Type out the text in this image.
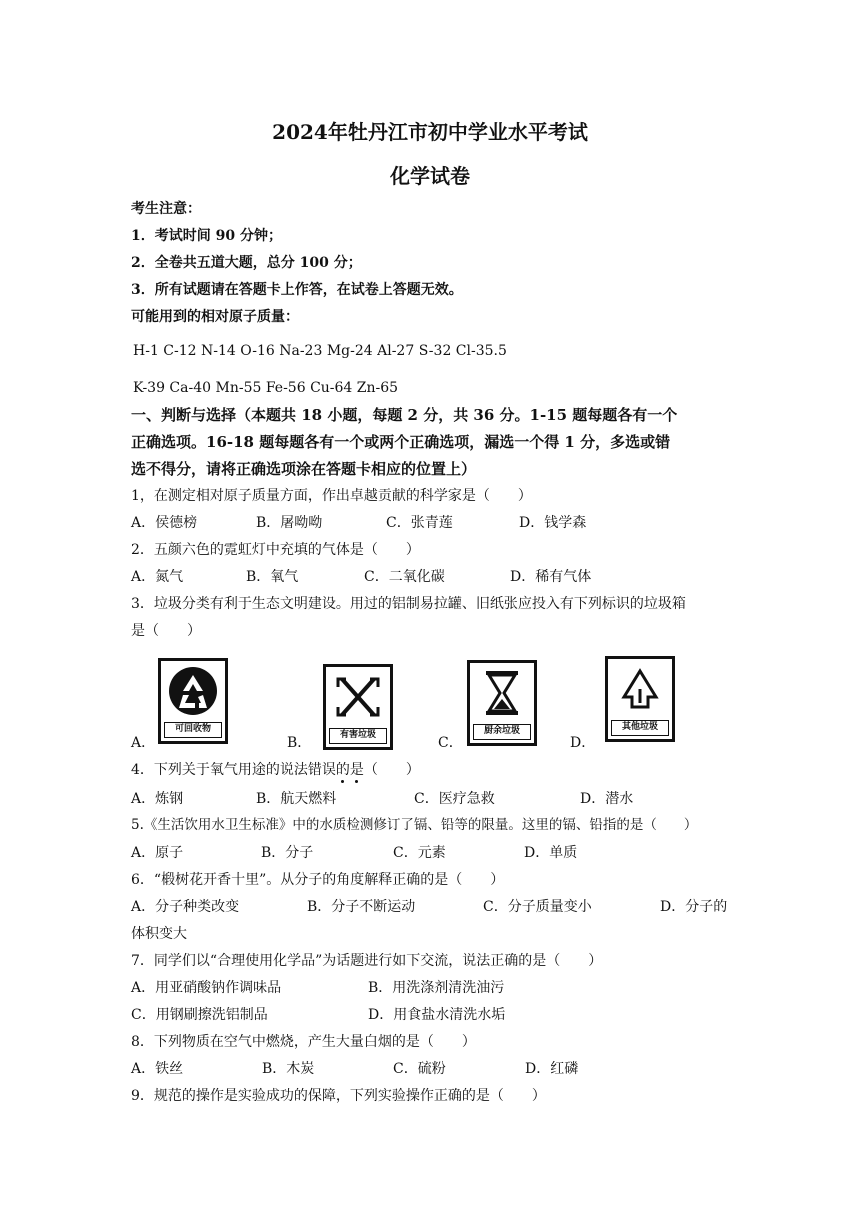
2024年牡丹江市初中学业水平考试
化学试卷
考生注意：
1．考试时间 90 分钟；
2．全卷共五道大题，总分 100 分；
3．所有试题请在答题卡上作答，在试卷上答题无效。
可能用到的相对原子质量：
H-1 C-12 N-14 O-16 Na-23 Mg-24 Al-27 S-32 Cl-35.5
K-39 Ca-40 Mn-55 Fe-56 Cu-64 Zn-65
一、判断与选择（本题共 18 小题，每题 2 分，共 36 分。1-15 题每题各有一个
正确选项。16-18 题每题各有一个或两个正确选项，漏选一个得 1 分，多选或错
选不得分，请将正确选项涂在答题卡相应的位置上）
1，在测定相对原子质量方面，作出卓越贡献的科学家是（　　）
A．侯德榜	B．屠呦呦	C．张青莲	D．钱学森
2．五颜六色的霓虹灯中充填的气体是（　　）
A．氮气	B．氧气	C．二氧化碳	D．稀有气体
3．垃圾分类有利于生态文明建设。用过的铝制易拉罐、旧纸张应投入有下列标识的垃圾箱
是（　　）
A．
可回收物
B．	有害垃圾	C．
厨余垃圾
D．
其他垃圾
4．下列关于氧气用途的说法错误的是（　　）
A．炼钢	B．航天燃料	C．医疗急救	D．潜水
5.《生活饮用水卫生标准》中的水质检测修订了镉、铅等的限量。这里的镉、铅指的是（　　）
A．原子	B．分子	C．元素	D．单质
6．“椴树花开香十里”。从分子的角度解释正确的是（　　）
A．分子种类改变	B．分子不断运动	C．分子质量变小	D．分子的
体积变大
7．同学们以“合理使用化学品”为话题进行如下交流，说法正确的是（　　）
A．用亚硝酸钠作调味品	B．用洗涤剂清洗油污
C．用钢刷擦洗铝制品	D．用食盐水清洗水垢
8．下列物质在空气中燃烧，产生大量白烟的是（　　）
A．铁丝	B．木炭	C．硫粉	D．红磷
9．规范的操作是实验成功的保障，下列实验操作正确的是（　　）
